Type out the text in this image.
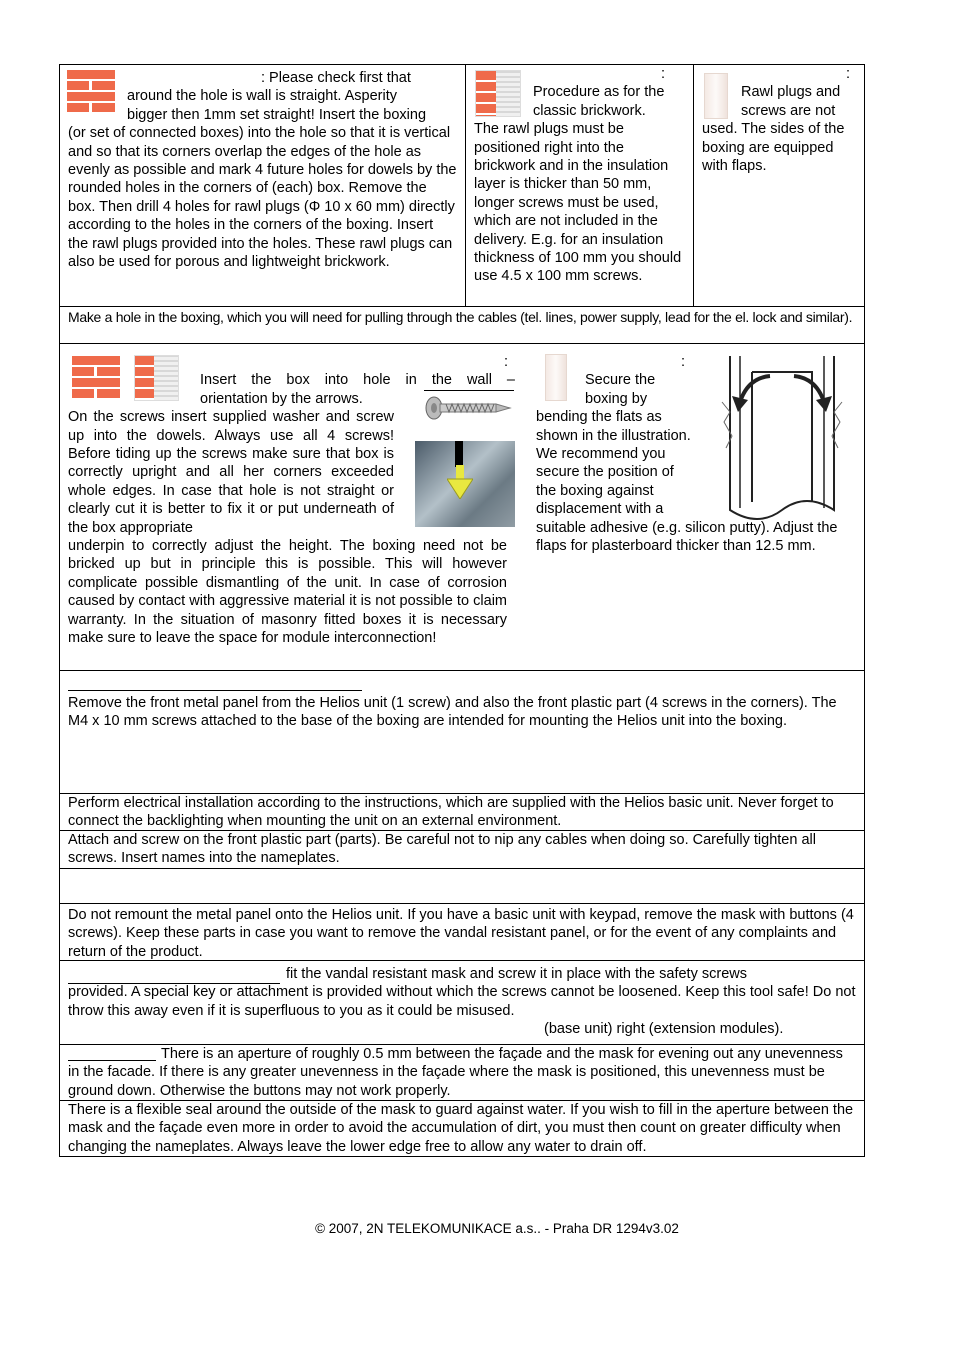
: Please check first that

around the hole is wall is straight. Asperity

bigger then 1mm set straight! Insert the boxing

(or set of connected boxes) into the hole so that it is vertical and so that its corners overlap the edges of the hole as evenly as possible and mark 4 future holes for dowels by the rounded holes in the corners of (each) box. Remove the box. Then drill 4 holes for rawl plugs (Φ 10 x 60 mm) directly according to the holes in the corners of the boxing. Insert the rawl plugs provided into the holes. These rawl plugs can also be used for porous and lightweight brickwork.

:

Procedure as for the classic brickwork.

The rawl plugs must be positioned right into the brickwork and in the insulation layer is thicker than 50 mm, longer screws must be used, which are not included in the delivery. E.g. for an insulation thickness of 100 mm you should use 4.5 x 100 mm screws.

:

Rawl plugs and screws are not

used. The sides of the boxing are equipped with flaps.

Make a hole in the boxing, which you will need for pulling through the cables (tel. lines, power supply, lead for the el. lock and similar).

:

Insert the box into hole in the wall –

orientation by the arrows.

On the screws insert supplied washer and screw up into the dowels. Always use all 4 screws! Before tiding up the screws make sure that box is correctly upright and all her corners exceeded whole edges. In case that hole is not straight or clearly cut it is better to fix it or put underneath of the box appropriate

underpin to correctly adjust the height. The boxing need not be bricked up but in principle this is possible. This will however complicate possible dismantling of the unit. In case of corrosion caused by contact with aggressive material it is not possible to claim warranty. In the situation of masonry fitted boxes it is necessary make sure to leave the space for module interconnection!

:

Secure the boxing by

bending the flats as shown in the illustration. We recommend you secure the position of the boxing against displacement with a

suitable adhesive (e.g. silicon putty). Adjust the flaps for plasterboard thicker than 12.5 mm.

Remove the front metal panel from the Helios unit (1 screw) and also the front plastic part (4 screws in the corners). The M4 x 10 mm screws attached to the base of the boxing are intended for mounting the Helios unit into the boxing.

Perform electrical installation according to the instructions, which are supplied with the Helios basic unit. Never forget to connect the backlighting when mounting the unit on an external environment.

Attach and screw on the front plastic part (parts). Be careful not to nip any cables when doing so. Carefully tighten all screws. Insert names into the nameplates.

Do not remount the metal panel onto the Helios unit. If you have a basic unit with keypad, remove the mask with buttons (4 screws). Keep these parts in case you want to remove the vandal resistant panel, or for the event of any complaints and return of the product.

fit the vandal resistant mask and screw it in place with the safety screws

provided. A special key or attachment is provided without which the screws cannot be loosened. Keep this tool safe! Do not throw this away even if it is superfluous to you as it could be misused.

(base unit) right (extension modules).

There is an aperture of roughly 0.5 mm between the façade and the mask for evening out any unevenness in the facade. If there is any greater unevenness in the façade where the mask is positioned, this unevenness must be ground down. Otherwise the buttons may not work properly.

There is a flexible seal around the outside of the mask to guard against water. If you wish to fill in the aperture between the mask and the façade even more in order to avoid the accumulation of dirt, you must then count on greater difficulty when changing the nameplates. Always leave the lower edge free to allow any water to drain off.

© 2007, 2N TELEKOMUNIKACE a.s.. - Praha DR 1294v3.02
